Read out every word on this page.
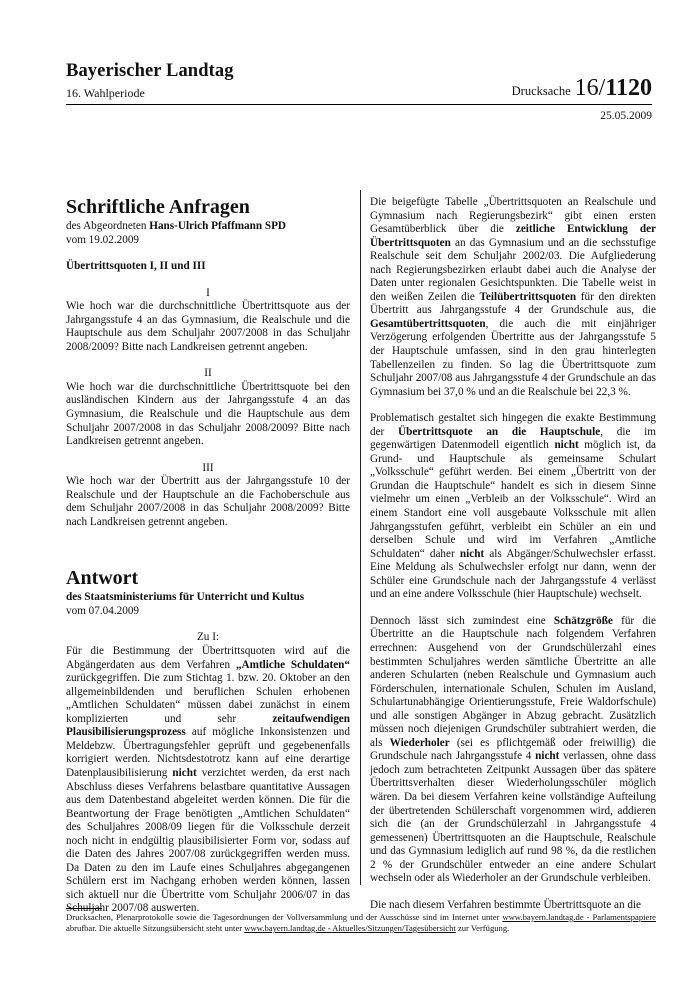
Bayerischer Landtag
16. Wahlperiode	Drucksache 16/1120
25.05.2009
Schriftliche Anfragen
des Abgeordneten Hans-Ulrich Pfaffmann SPD
vom 19.02.2009
Übertrittsquoten I, II und III
I

Wie hoch war die durchschnittliche Übertrittsquote aus der Jahrgangsstufe 4 an das Gymnasium, die Realschule und die Hauptschule aus dem Schuljahr 2007/2008 in das Schuljahr 2008/2009? Bitte nach Landkreisen getrennt angeben.

II

Wie hoch war die durchschnittliche Übertrittsquote bei den ausländischen Kindern aus der Jahrgangsstufe 4 an das Gymnasium, die Realschule und die Hauptschule aus dem Schuljahr 2007/2008 in das Schuljahr 2008/2009? Bitte nach Landkreisen getrennt angeben.

III

Wie hoch war der Übertritt aus der Jahrgangsstufe 10 der Realschule und der Hauptschule an die Fachoberschule aus dem Schuljahr 2007/2008 in das Schuljahr 2008/2009? Bitte nach Landkreisen getrennt angeben.

Antwort
des Staatsministeriums für Unterricht und Kultus
vom 07.04.2009
Zu I:

Für die Bestimmung der Übertrittsquoten wird auf die Abgängerdaten aus dem Verfahren „Amtliche Schuldaten“ zurückgegriffen. Die zum Stichtag 1. bzw. 20. Oktober an den allgemeinbildenden und beruflichen Schulen erhobenen „Amtlichen Schuldaten“ müssen dabei zunächst in einem komplizierten und sehr zeitaufwendigen Plausibilisierungsprozess auf mögliche Inkonsistenzen und Meldebzw. Übertragungsfehler geprüft und gegebenenfalls korrigiert werden. Nichtsdestotrotz kann auf eine derartige Datenplausibilisierung nicht verzichtet werden, da erst nach Abschluss dieses Verfahrens belastbare quantitative Aussagen aus dem Datenbestand abgeleitet werden können. Die für die Beantwortung der Frage benötigten „Amtlichen Schuldaten“ des Schuljahres 2008/09 liegen für die Volksschule derzeit noch nicht in endgültig plausibilisierter Form vor, sodass auf die Daten des Jahres 2007/08 zurückgegriffen werden muss. Da Daten zu den im Laufe eines Schuljahres abgegangenen Schülern erst im Nachgang erhoben werden können, lassen sich aktuell nur die Übertritte vom Schuljahr 2006/07 in das Schuljahr 2007/08 auswerten.

Die beigefügte Tabelle „Übertrittsquoten an Realschule und Gymnasium nach Regierungsbezirk“ gibt einen ersten Gesamtüberblick über die zeitliche Entwicklung der Übertrittsquoten an das Gymnasium und an die sechsstufige Realschule seit dem Schuljahr 2002/03. Die Aufgliederung nach Regierungsbezirken erlaubt dabei auch die Analyse der Daten unter regionalen Gesichtspunkten. Die Tabelle weist in den weißen Zeilen die Teilübertrittsquoten für den direkten Übertritt aus Jahrgangsstufe 4 der Grundschule aus, die Gesamtübertrittsquoten, die auch die mit einjähriger Verzögerung erfolgenden Übertritte aus der Jahrgangsstufe 5 der Hauptschule umfassen, sind in den grau hinterlegten Tabellenzeilen zu finden. So lag die Übertrittsquote zum Schuljahr 2007/08 aus Jahrgangsstufe 4 der Grundschule an das Gymnasium bei 37,0 % und an die Realschule bei 22,3 %.

Problematisch gestaltet sich hingegen die exakte Bestimmung der Übertrittsquote an die Hauptschule, die im gegenwärtigen Datenmodell eigentlich nicht möglich ist, da Grund- und Hauptschule als gemeinsame Schulart „Volksschule“ geführt werden. Bei einem „Übertritt von der Grundan die Hauptschule“ handelt es sich in diesem Sinne vielmehr um einen „Verbleib an der Volksschule“. Wird an einem Standort eine voll ausgebaute Volksschule mit allen Jahrgangsstufen geführt, verbleibt ein Schüler an ein und derselben Schule und wird im Verfahren „Amtliche Schuldaten“ daher nicht als Abgänger/Schulwechsler erfasst. Eine Meldung als Schulwechsler erfolgt nur dann, wenn der Schüler eine Grundschule nach der Jahrgangsstufe 4 verlässt und an eine andere Volksschule (hier Hauptschule) wechselt.

Dennoch lässt sich zumindest eine Schätzgröße für die Übertritte an die Hauptschule nach folgendem Verfahren errechnen: Ausgehend von der Grundschülerzahl eines bestimmten Schuljahres werden sämtliche Übertritte an alle anderen Schularten (neben Realschule und Gymnasium auch Förderschulen, internationale Schulen, Schulen im Ausland, Schulartunabhängige Orientierungsstufe, Freie Waldorfschule) und alle sonstigen Abgänger in Abzug gebracht. Zusätzlich müssen noch diejenigen Grundschüler subtrahiert werden, die als Wiederholer (sei es pflichtgemäß oder freiwillig) die Grundschule nach Jahrgangsstufe 4 nicht verlassen, ohne dass jedoch zum betrachteten Zeitpunkt Aussagen über das spätere Übertrittsverhalten dieser Wiederholungsschüler möglich wären. Da bei diesem Verfahren keine vollständige Aufteilung der übertretenden Schülerschaft vorgenommen wird, addieren sich die (an der Grundschülerzahl in Jahrgangsstufe 4 gemessenen) Übertrittsquoten an die Hauptschule, Realschule und das Gymnasium lediglich auf rund 98 %, da die restlichen 2 % der Grundschüler entweder an eine andere Schulart wechseln oder als Wiederholer an der Grundschule verbleiben.

Die nach diesem Verfahren bestimmte Übertrittsquote an die

Drucksachen, Plenarprotokolle sowie die Tagesordnungen der Vollversammlung und der Ausschüsse sind im Internet unter www.bayern.landtag.de - Parlamentspapiere abrufbar. Die aktuelle Sitzungsübersicht steht unter www.bayern.landtag.de - Aktuelles/Sitzungen/Tagesübersicht zur Verfügung.
